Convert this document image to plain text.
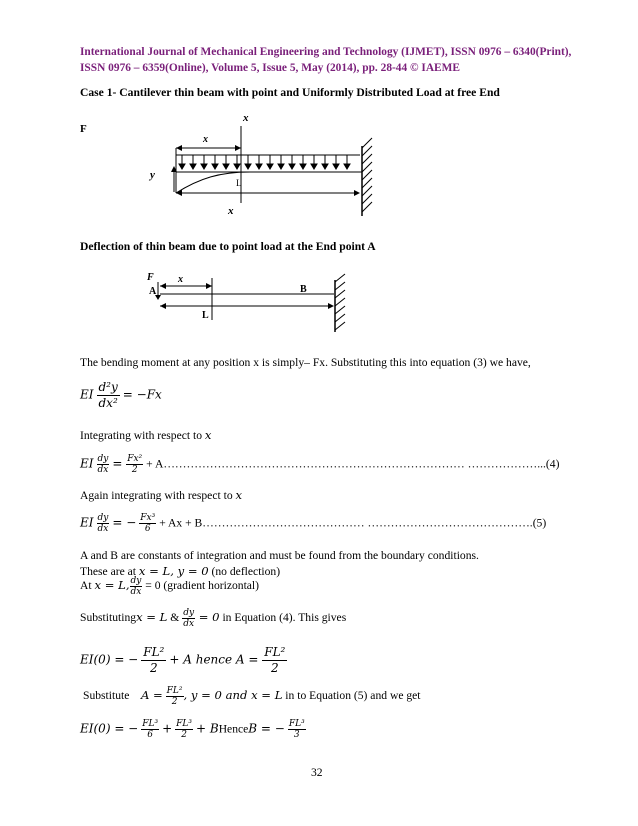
International Journal of Mechanical Engineering and Technology (IJMET), ISSN 0976 – 6340(Print),
ISSN 0976 – 6359(Online), Volume 5, Issue 5, May (2014), pp. 28-44 © IAEME
Case 1- Cantilever thin beam with point and Uniformly Distributed Load at free End
F
x
x
y
L
x
Deflection of thin beam due to point load at the End point A
F x
A	B
L
The bending moment at any position x is simply– Fx. Substituting this into equation (3) we have,
EI $\frac{\text{d²y}}{\text{dx²}} = -Fx$
Integrating with respect to x
EI $\frac{dy}{dx} = \frac{\text{Fx²}}{2}$ + A…………………………………………………………………… ………………...(4)
Again integrating with respect to x
EI $\frac{dy}{dx}$ = − $\frac{\text{Fx³}}{6} + Ax$ + B…………………………………… …………………………………….(5)
A and B are constants of integration and must be found from the boundary conditions.
These are at x = L, y = 0 (no deflection)
At x = L, $\frac{dy}{dx} = 0$ (gradient horizontal)
Substitutingx = L & $\frac{dy}{dx} = 0$ in Equation (4). This gives
EI(0) = − $\frac{\text{FL²}}{2} + A$ hence $A = \frac{\text{FL²}}{2}$
Substitute $A = \frac{\text{FL²}}{2}$ , y = 0 and x = L in to Equation (5) and we get
EI(0) = − $\frac{\text{FL³}}{6} + \frac{\text{FL³}}{2}$ + BHenceB = − $\frac{\text{FL³}}{3}$
32
